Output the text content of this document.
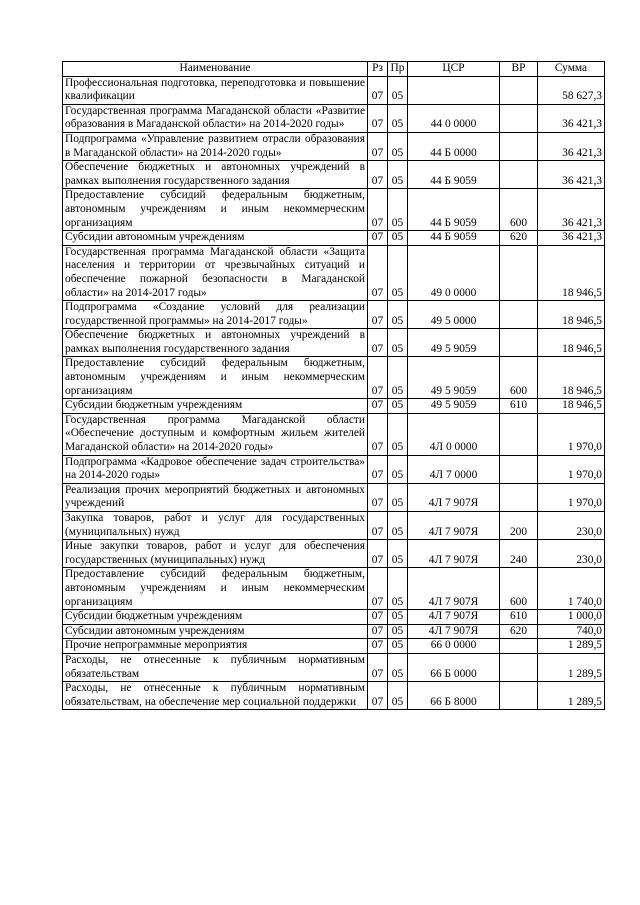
Наименование	Рз	Пр	ЦСР	ВР	Сумма
Профессиональная подготовка, переподготовка и повышение квалификации	07	05			58 627,3
Государственная программа Магаданской области «Развитие образования в Магаданской области» на 2014-2020 годы»	07	05	44 0 0000		36 421,3
Подпрограмма «Управление развитием отрасли образования в Магаданской области» на 2014-2020 годы»	07	05	44 Б 0000		36 421,3
Обеспечение бюджетных и автономных учреждений в рамках выполнения государственного задания	07	05	44 Б 9059		36 421,3
Предоставление субсидий федеральным бюджетным, автономным учреждениям и иным некоммерческим организациям	07	05	44 Б 9059	600	36 421,3
Субсидии автономным учреждениям	07	05	44 Б 9059	620	36 421,3
Государственная программа Магаданской области «Защита населения и территории от чрезвычайных ситуаций и обеспечение пожарной безопасности в Магаданской области» на 2014-2017 годы»	07	05	49 0 0000		18 946,5
Подпрограмма «Создание условий для реализации государственной программы» на 2014-2017 годы»	07	05	49 5 0000		18 946,5
Обеспечение бюджетных и автономных учреждений в рамках выполнения государственного задания	07	05	49 5 9059		18 946,5
Предоставление субсидий федеральным бюджетным, автономным учреждениям и иным некоммерческим организациям	07	05	49 5 9059	600	18 946,5
Субсидии бюджетным учреждениям	07	05	49 5 9059	610	18 946,5
Государственная программа Магаданской области «Обеспечение доступным и комфортным жильем жителей Магаданской области» на 2014-2020 годы»	07	05	4Л 0 0000		1 970,0
Подпрограмма «Кадровое обеспечение задач строительства» на 2014-2020 годы»	07	05	4Л 7 0000		1 970,0
Реализация прочих мероприятий бюджетных и автономных учреждений	07	05	4Л 7 907Я		1 970,0
Закупка товаров, работ и услуг для государственных (муниципальных) нужд	07	05	4Л 7 907Я	200	230,0
Иные закупки товаров, работ и услуг для обеспечения государственных (муниципальных) нужд	07	05	4Л 7 907Я	240	230,0
Предоставление субсидий федеральным бюджетным, автономным учреждениям и иным некоммерческим организациям	07	05	4Л 7 907Я	600	1 740,0
Субсидии бюджетным учреждениям	07	05	4Л 7 907Я	610	1 000,0
Субсидии автономным учреждениям	07	05	4Л 7 907Я	620	740,0
Прочие непрограммные мероприятия	07	05	66 0 0000		1 289,5
Расходы, не отнесенные к публичным нормативным обязательствам	07	05	66 Б 0000		1 289,5
Расходы, не отнесенные к публичным нормативным обязательствам, на обеспечение мер социальной поддержки	07	05	66 Б 8000		1 289,5
